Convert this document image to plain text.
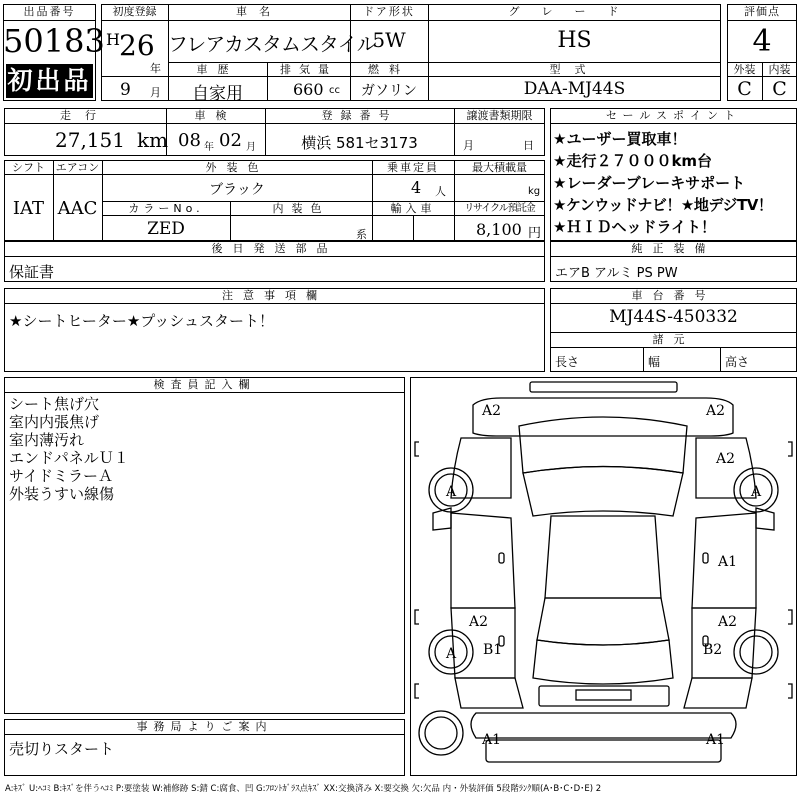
出品番号
50183
初出品
初度登録
H 26
年
9 月
車名
フレアカスタムスタイル
ドア形状
5W
グレード
HS
車歴
自家用
排気量
660 cc
燃料
ガソリン
型式
DAA-MJ44S
評価点
4
外装	内装
C	C
走行
27,151 km
車検
08 年 02 月
登録番号
横浜 581セ3173
譲渡書類期限
月	日
セールスポイント
★ユーザー買取車！
★走行２７０００km台
★レーダーブレーキサポート
★ケンウッドナビ！★地デジTV！
★ＨＩＤヘッドライト！
シフト
IAT
エアコン
AAC
外装色
ブラック
乗車定員
4 人
最大積載量
kg
カラーNo.
ZED
内装色
系
輸入車	リサイクル預託金
8,100 円
後日発送部品
保証書
純正装備
エアB アルミ PS PW
注意事項欄
★シートヒーター★プッシュスタート！
車台番号
MJ44S-450332
諸元
長さ	幅	高さ
検査員記入欄
シート焦げ穴
室内内張焦げ
室内薄汚れ
エンドパネルＵ１
サイドミラーＡ
外装うすい線傷
事務局よりご案内
売切りスタート
A2	A2
A2
A	A
A1
A2	A2
A B1	B2
A1	A1
A:ｷｽﾞ U:ﾍｺﾐ B:ｷｽﾞを伴うﾍｺﾐ P:要塗装 W:補修跡 S:錆 C:腐食、凹 G:ﾌﾛﾝﾄｶﾞﾗｽ点ｷｽﾞ XX:交換済み X:要交換 欠:欠品 内・外装評価 5段階ﾗﾝｸ順(A･B･C･D･E) 2
